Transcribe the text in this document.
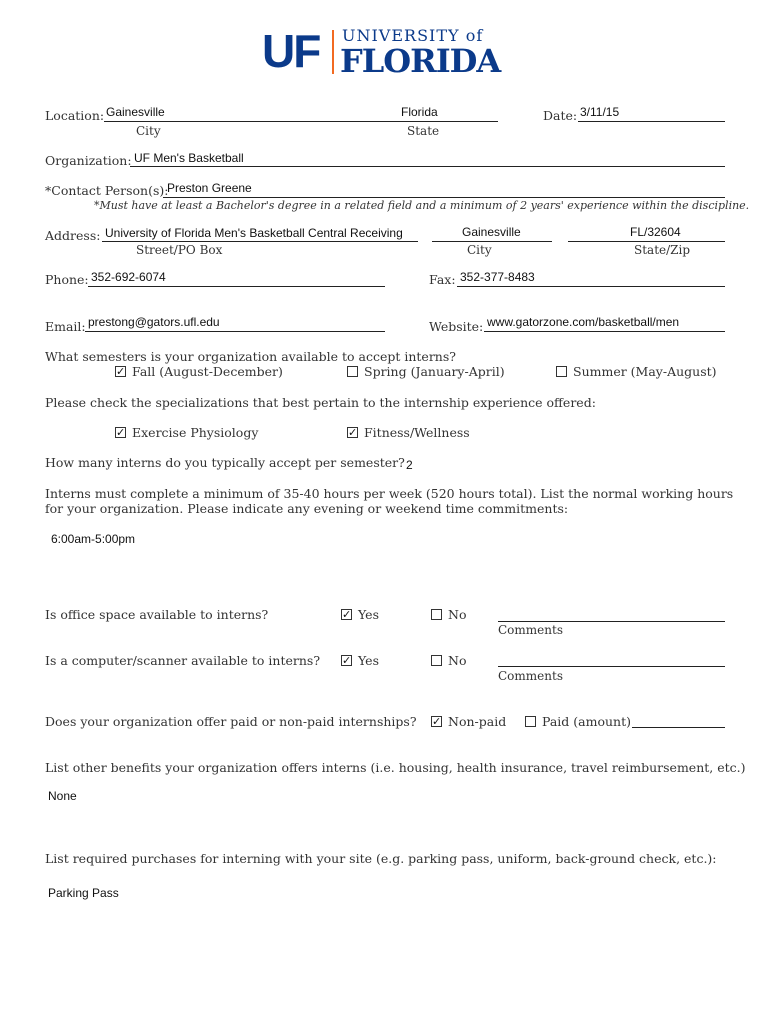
UF UNIVERSITY of
FLORIDA
Location: Gainesville	Florida
City	State
Date: 3/11/15
Organization: UF Men's Basketball
*Contact Person(s):
Preston Greene
*Must have at least a Bachelor's degree in a related field and a minimum of 2 years' experience within the discipline.
Address: University of Florida Men's Basketball Central Receiving	Gainesville	FL/32604
Street/PO Box	City	State/Zip
Phone: 352-692-6074	Fax: 352-377-8483
Email: prestong@gators.ufl.edu	Website: www.gatorzone.com/basketball/men
What semesters is your organization available to accept interns?
✓ Fall (August-December)	Spring (January-April)	Summer (May-August)
Please check the specializations that best pertain to the internship experience offered:
✓ Exercise Physiology	✓ Fitness/Wellness
How many interns do you typically accept per semester? 2
Interns must complete a minimum of 35-40 hours per week (520 hours total). List the normal working hours
for your organization. Please indicate any evening or weekend time commitments:
6:00am-5:00pm
Is office space available to interns?	✓ Yes	No
Comments
Is a computer/scanner available to interns? ✓ Yes	No
Comments
Does your organization offer paid or non-paid internships? ✓ Non-paid	Paid (amount)
List other benefits your organization offers interns (i.e. housing, health insurance, travel reimbursement, etc.)
None
List required purchases for interning with your site (e.g. parking pass, uniform, back-ground check, etc.):
Parking Pass
